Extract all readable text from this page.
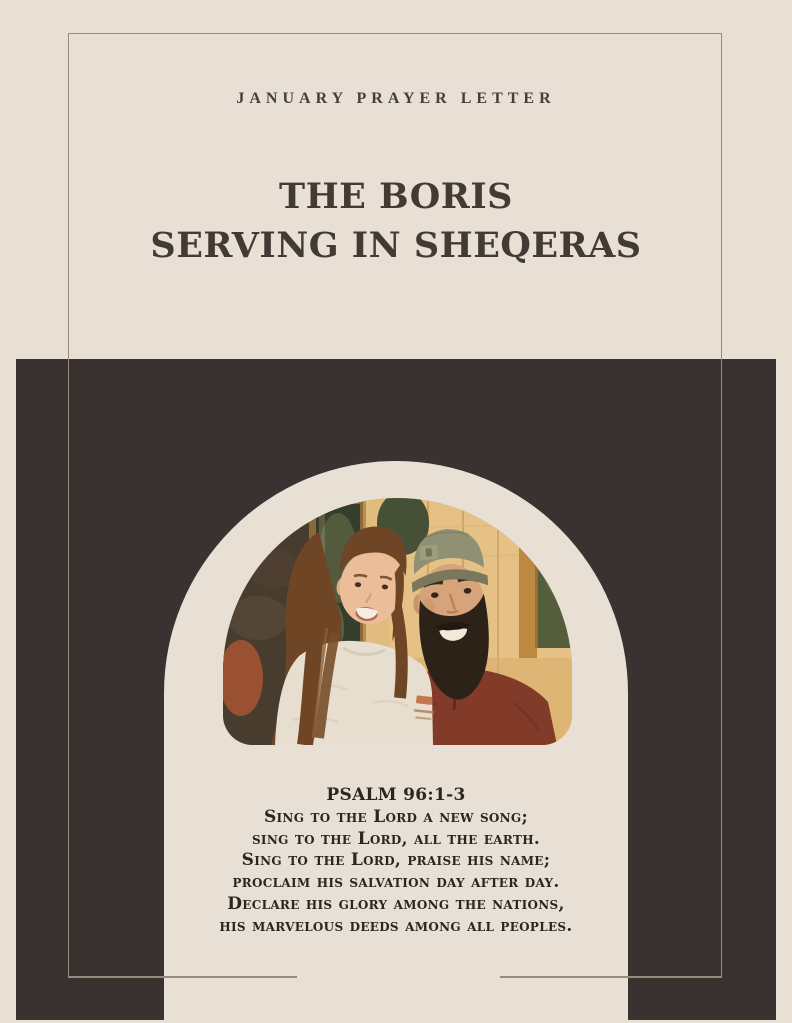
JANUARY PRAYER LETTER
THE BORIS
SERVING IN SHEQERAS
PSALM 96:1-3
Sing to the Lord a new song;
sing to the Lord, all the earth.
Sing to the Lord, praise his name;
proclaim his salvation day after day.
Declare his glory among the nations,
his marvelous deeds among all peoples.
